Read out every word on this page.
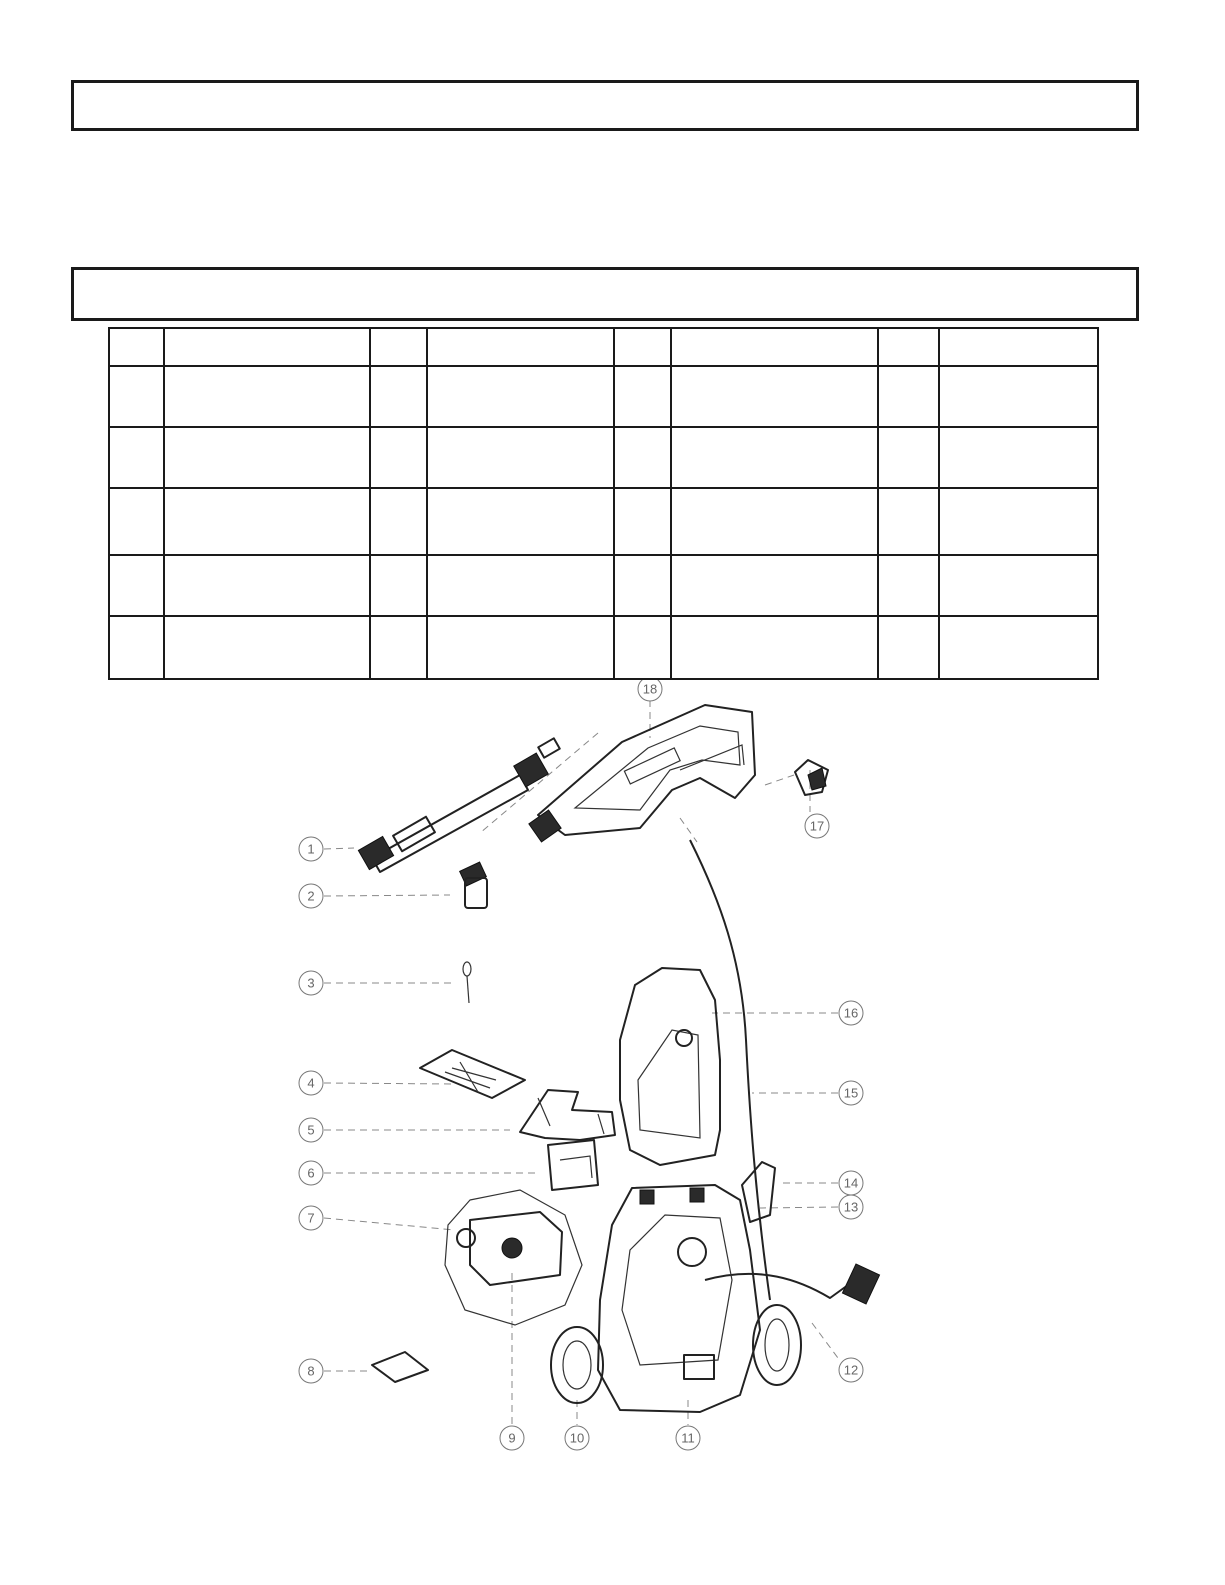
1
2
3
4
5
6
7
8
9	10	11
12
13
14
15
16
17
18
